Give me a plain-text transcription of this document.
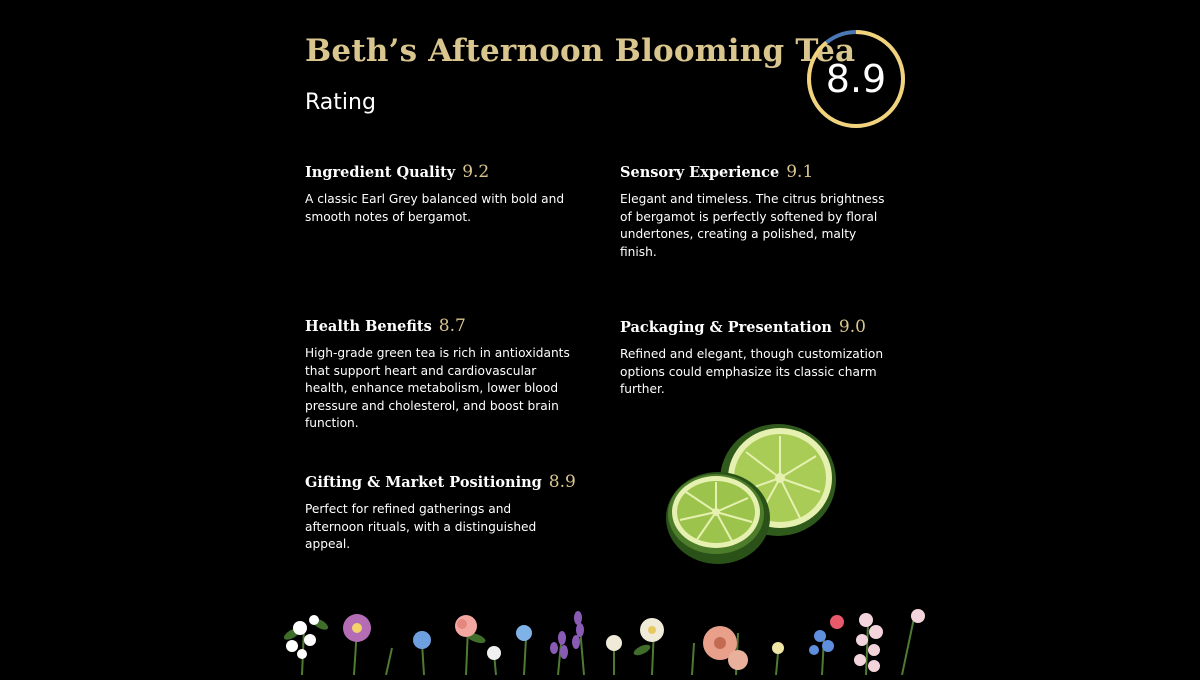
Beth’s Afternoon Blooming Tea
Rating
8.9
Ingredient Quality 9.2
A classic Earl Grey balanced with bold and smooth notes of bergamot.
Sensory Experience 9.1
Elegant and timeless. The citrus brightness of bergamot is perfectly softened by floral undertones, creating a polished, malty finish.
Health Benefits 8.7
High-grade green tea is rich in antioxidants that support heart and cardiovascular health, enhance metabolism, lower blood pressure and cholesterol, and boost brain function.
Packaging & Presentation 9.0
Refined and elegant, though customization options could emphasize its classic charm further.
Gifting & Market Positioning 8.9
Perfect for refined gatherings and afternoon rituals, with a distinguished appeal.
